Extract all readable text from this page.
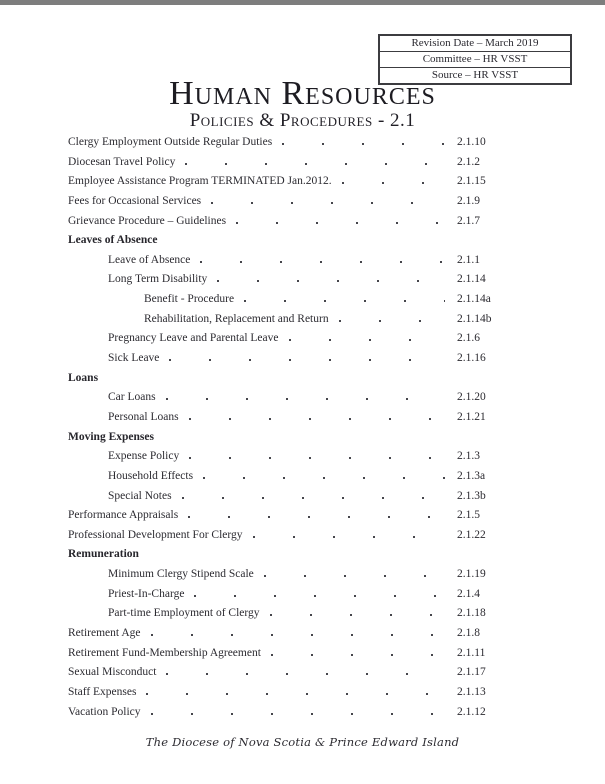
Revision Date – March 2019
Committee – HR VSST
Source – HR VSST
Human Resources
Policies & Procedures - 2.1
Clergy Employment Outside Regular Duties	2.1.10
Diocesan Travel Policy	2.1.2
Employee Assistance Program TERMINATED Jan.2012.	2.1.15
Fees for Occasional Services	2.1.9
Grievance Procedure – Guidelines	2.1.7
Leaves of Absence
Leave of Absence	2.1.1
Long Term Disability	2.1.14
Benefit - Procedure	2.1.14a
Rehabilitation, Replacement and Return	2.1.14b
Pregnancy Leave and Parental Leave	2.1.6
Sick Leave	2.1.16
Loans
Car Loans	2.1.20
Personal Loans	2.1.21
Moving Expenses
Expense Policy	2.1.3
Household Effects	2.1.3a
Special Notes	2.1.3b
Performance Appraisals	2.1.5
Professional Development For Clergy	2.1.22
Remuneration
Minimum Clergy Stipend Scale	2.1.19
Priest-In-Charge	2.1.4
Part-time Employment of Clergy	2.1.18
Retirement Age	2.1.8
Retirement Fund-Membership Agreement	2.1.11
Sexual Misconduct	2.1.17
Staff Expenses	2.1.13
Vacation Policy	2.1.12
The Diocese of Nova Scotia & Prince Edward Island
